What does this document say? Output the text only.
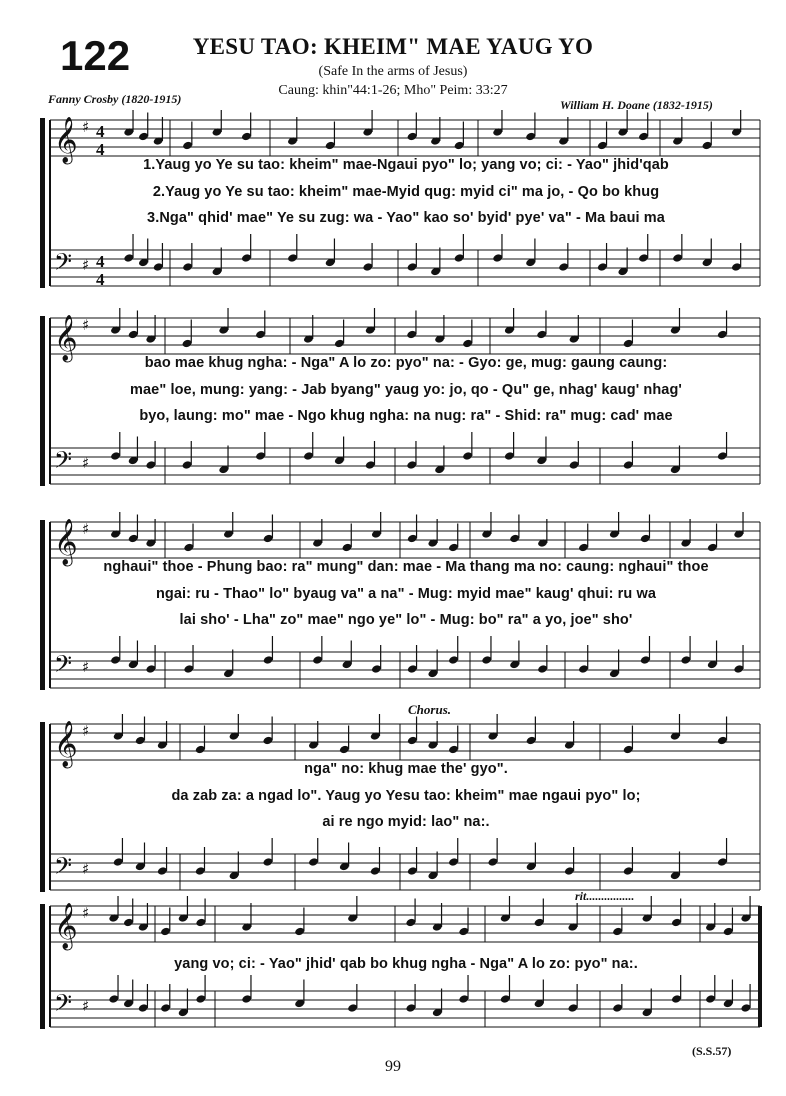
122	YESU TAO: KHEIM" MAE YAUG YO
(Safe In the arms of Jesus)
Caung: khin"44:1-26; Mho" Peim: 33:27
Fanny Crosby (1820-1915)	William H. Doane (1832-1915)
𝄞 ♯ 4
4
𝄢 ♯ 4
4
1.Yaug yo Ye su tao: kheim" mae-Ngaui pyo" lo; yang vo; ci: - Yao" jhid'qab
2.Yaug yo Ye su tao: kheim" mae-Myid qug: myid ci" ma jo, - Qo bo khug
3.Nga" qhid' mae" Ye su zug: wa - Yao" kao so' byid' pye' va" - Ma baui ma
𝄞 ♯
𝄢 ♯
bao mae khug ngha: - Nga" A lo zo: pyo" na: - Gyo: ge, mug: gaung caung:
mae" loe, mung: yang: - Jab byang" yaug yo: jo, qo - Qu" ge, nhag' kaug' nhag'
byo, laung: mo" mae - Ngo khug ngha: na nug: ra" - Shid: ra" mug: cad' mae
𝄞 ♯
𝄢 ♯
nghaui" thoe - Phung bao: ra" mung" dan: mae - Ma thang ma no: caung: nghaui" thoe
ngai: ru - Thao" lo" byaug va" a na" - Mug: myid mae" kaug' qhui: ru wa
lai sho' - Lha" zo" mae" ngo ye" lo" - Mug: bo" ra" a yo, joe" sho'
Chorus.
𝄞 ♯
𝄢 ♯
nga" no: khug mae the' gyo".
da zab za: a ngad lo". Yaug yo Yesu tao: kheim" mae ngaui pyo" lo;
ai re ngo myid: lao" na:.
rit................
𝄞 ♯
𝄢 ♯
yang vo; ci: - Yao" jhid' qab bo khug ngha - Nga" A lo zo: pyo" na:.
(S.S.57)
99
